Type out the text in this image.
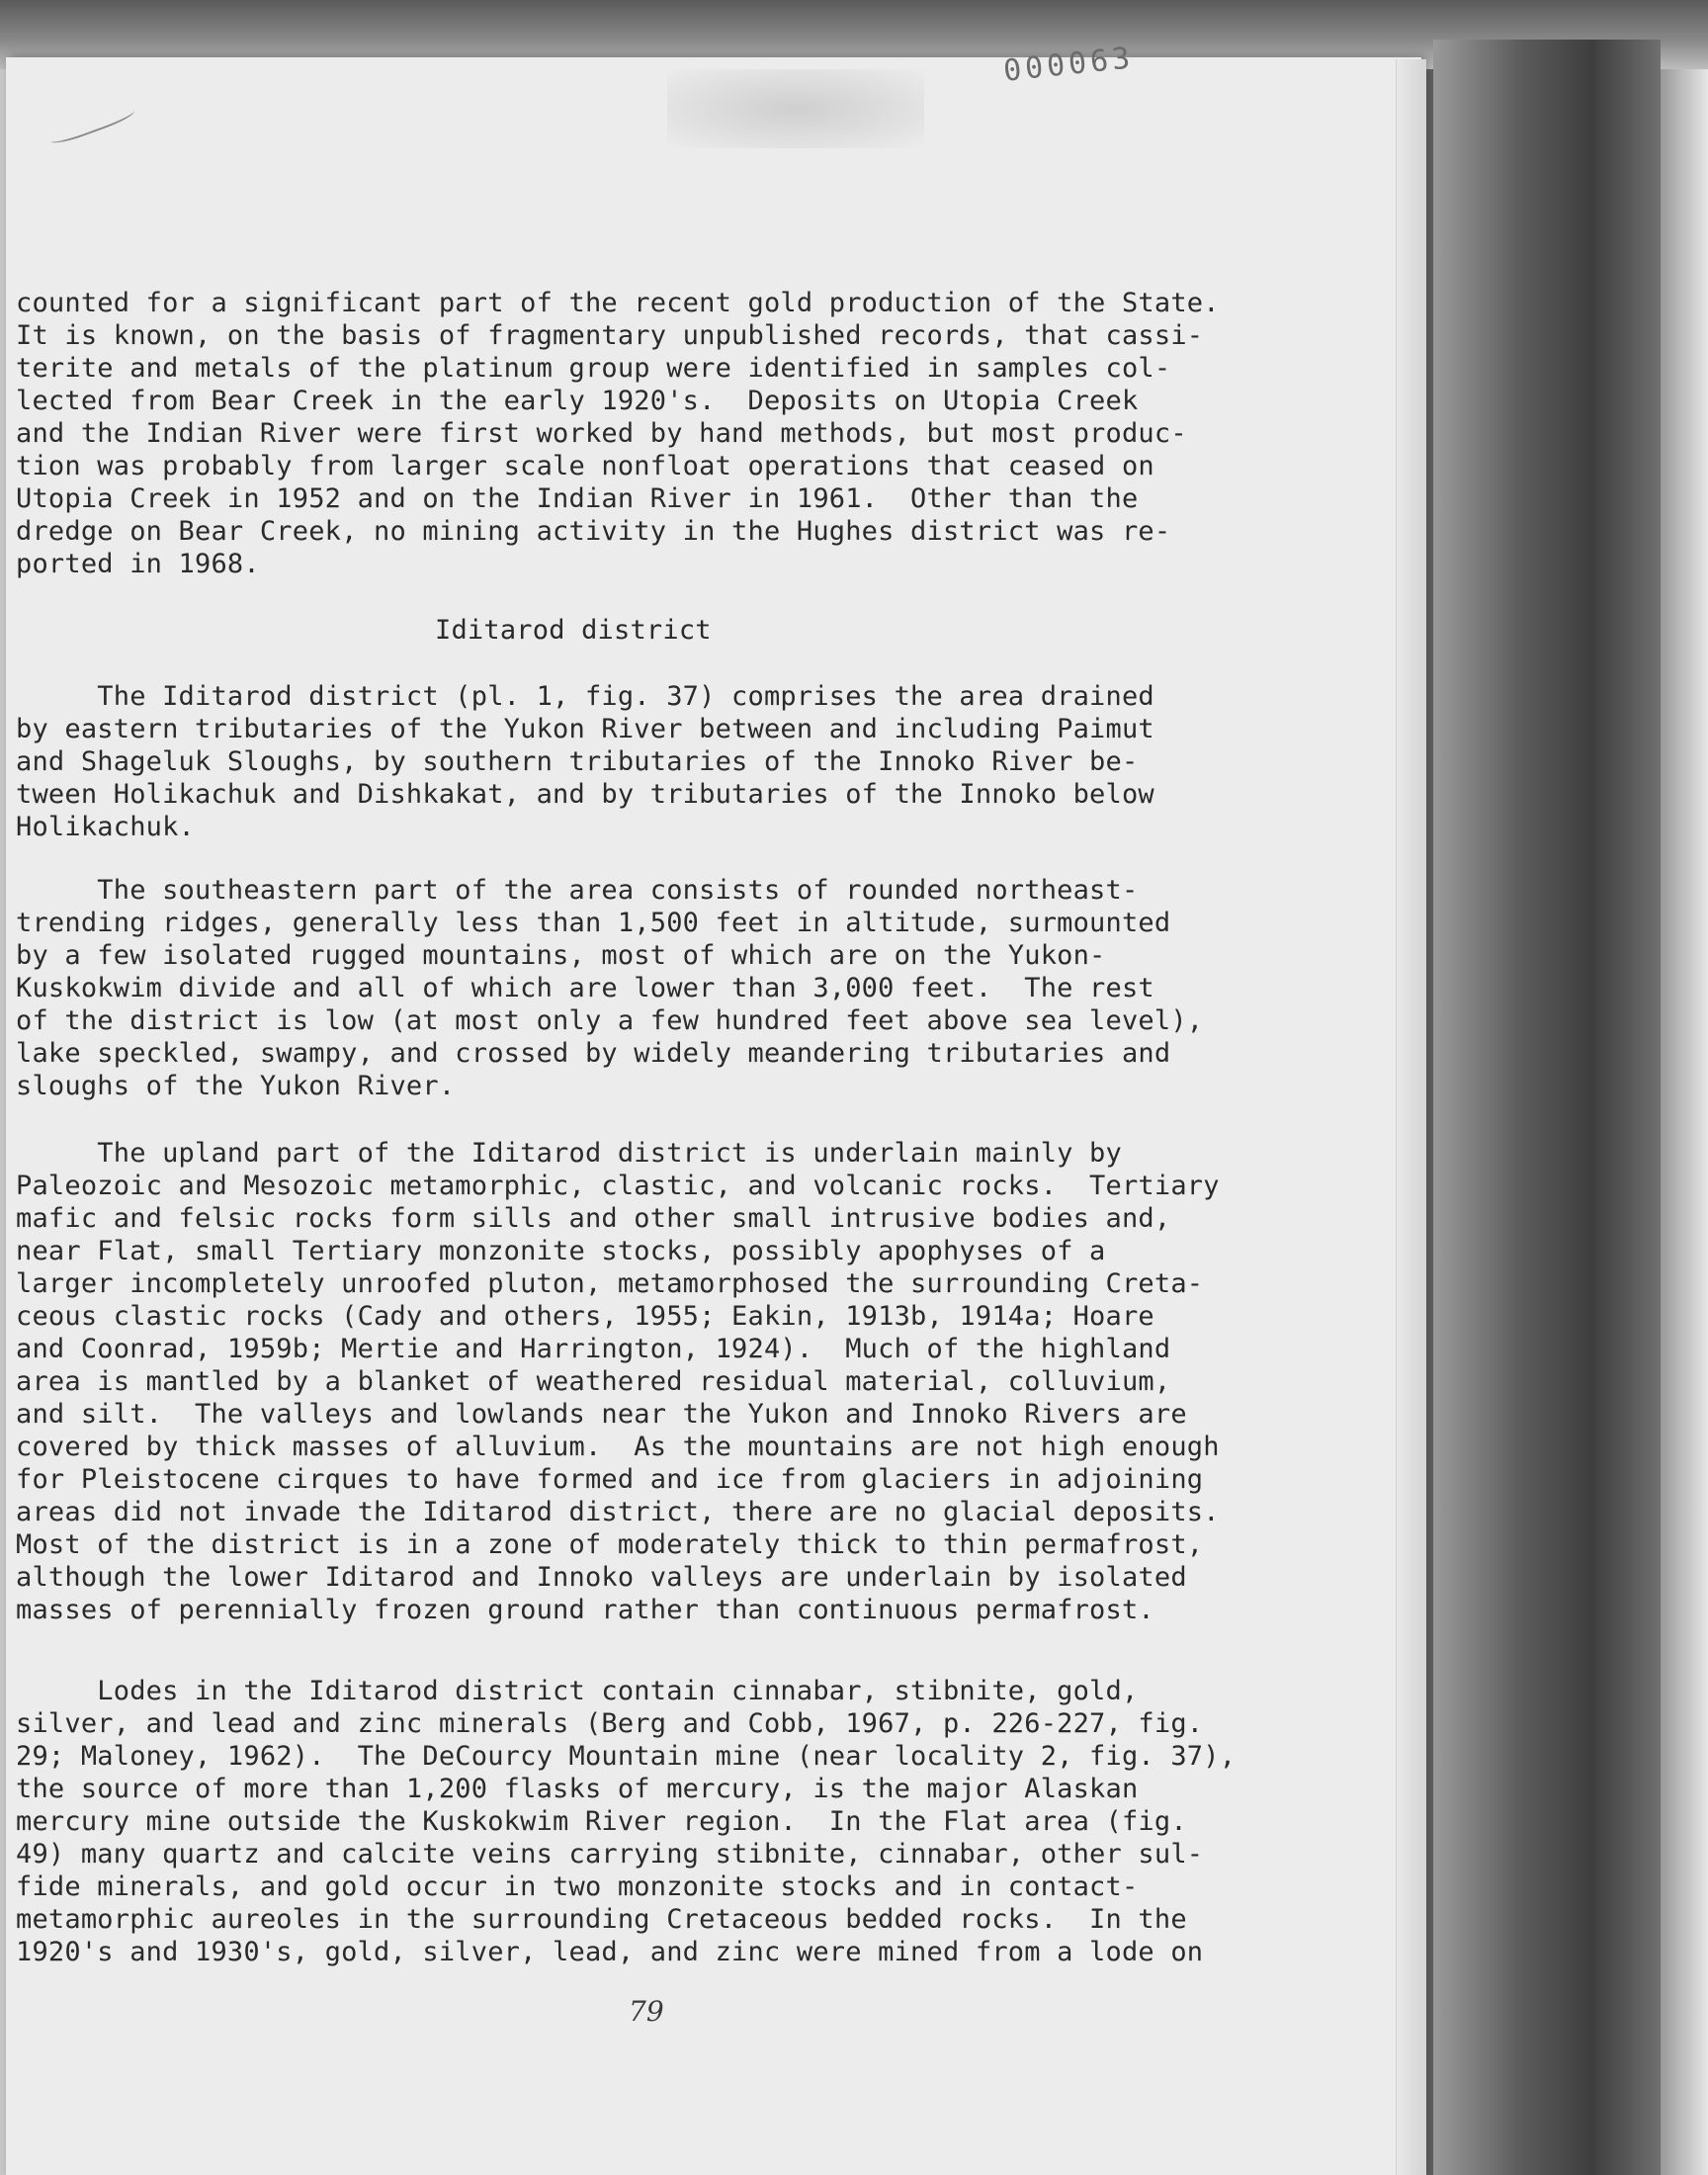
000063
counted for a significant part of the recent gold production of the State.
It is known, on the basis of fragmentary unpublished records, that cassi-
terite and metals of the platinum group were identified in samples col-
lected from Bear Creek in the early 1920's.  Deposits on Utopia Creek
and the Indian River were first worked by hand methods, but most produc-
tion was probably from larger scale nonfloat operations that ceased on
Utopia Creek in 1952 and on the Indian River in 1961.  Other than the
dredge on Bear Creek, no mining activity in the Hughes district was re-
ported in 1968.
Iditarod district
The Iditarod district (pl. 1, fig. 37) comprises the area drained
by eastern tributaries of the Yukon River between and including Paimut
and Shageluk Sloughs, by southern tributaries of the Innoko River be-
tween Holikachuk and Dishkakat, and by tributaries of the Innoko below
Holikachuk.
The southeastern part of the area consists of rounded northeast-
trending ridges, generally less than 1,500 feet in altitude, surmounted
by a few isolated rugged mountains, most of which are on the Yukon-
Kuskokwim divide and all of which are lower than 3,000 feet.  The rest
of the district is low (at most only a few hundred feet above sea level),
lake speckled, swampy, and crossed by widely meandering tributaries and
sloughs of the Yukon River.
The upland part of the Iditarod district is underlain mainly by
Paleozoic and Mesozoic metamorphic, clastic, and volcanic rocks.  Tertiary
mafic and felsic rocks form sills and other small intrusive bodies and,
near Flat, small Tertiary monzonite stocks, possibly apophyses of a
larger incompletely unroofed pluton, metamorphosed the surrounding Creta-
ceous clastic rocks (Cady and others, 1955; Eakin, 1913b, 1914a; Hoare
and Coonrad, 1959b; Mertie and Harrington, 1924).  Much of the highland
area is mantled by a blanket of weathered residual material, colluvium,
and silt.  The valleys and lowlands near the Yukon and Innoko Rivers are
covered by thick masses of alluvium.  As the mountains are not high enough
for Pleistocene cirques to have formed and ice from glaciers in adjoining
areas did not invade the Iditarod district, there are no glacial deposits.
Most of the district is in a zone of moderately thick to thin permafrost,
although the lower Iditarod and Innoko valleys are underlain by isolated
masses of perennially frozen ground rather than continuous permafrost.
Lodes in the Iditarod district contain cinnabar, stibnite, gold,
silver, and lead and zinc minerals (Berg and Cobb, 1967, p. 226-227, fig.
29; Maloney, 1962).  The DeCourcy Mountain mine (near locality 2, fig. 37),
the source of more than 1,200 flasks of mercury, is the major Alaskan
mercury mine outside the Kuskokwim River region.  In the Flat area (fig.
49) many quartz and calcite veins carrying stibnite, cinnabar, other sul-
fide minerals, and gold occur in two monzonite stocks and in contact-
metamorphic aureoles in the surrounding Cretaceous bedded rocks.  In the
1920's and 1930's, gold, silver, lead, and zinc were mined from a lode on
79
